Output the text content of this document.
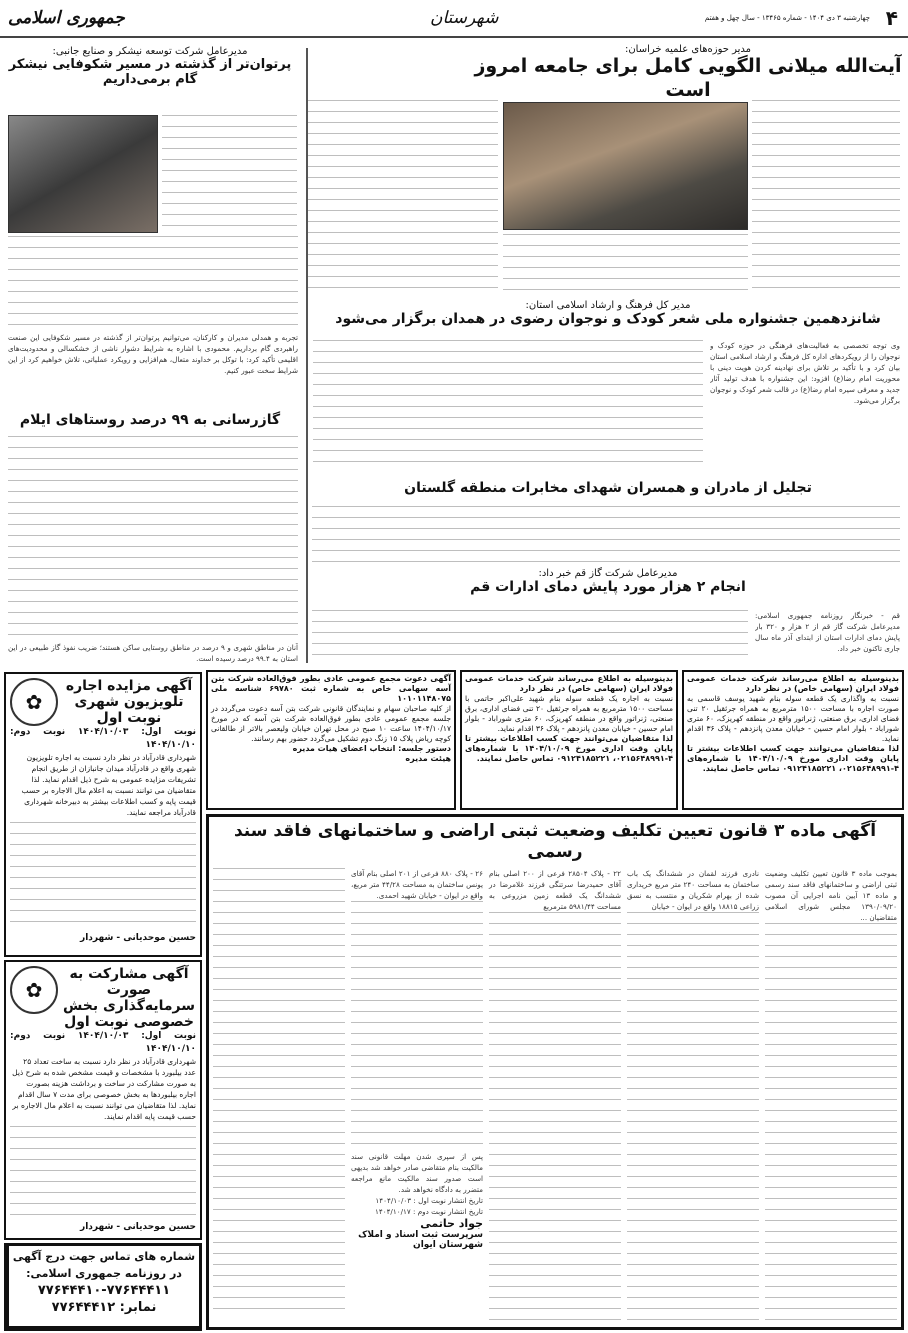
۴
چهارشنبه ۳ دی ۱۴۰۴ - شماره ۱۳۴۶۵ - سال چهل و هفتم
شهرستان
جمهوری اسلامی
مدیر حوزه‌های علمیه خراسان:
آیت‌الله میلانی الگویی کامل برای جامعه امروز است
مدیر کل فرهنگ و ارشاد اسلامی استان:
شانزدهمین جشنواره ملی شعر کودک و نوجوان رضوی در همدان برگزار می‌شود
وی توجه تخصصی به فعالیت‌های فرهنگی در حوزه کودک و نوجوان را از رویکردهای اداره کل فرهنگ و ارشاد اسلامی استان بیان کرد و با تأکید بر تلاش برای نهادینه کردن هویت دینی با محوریت امام رضا(ع) افزود: این جشنواره با هدف تولید آثار جدید و معرفی سیره امام رضا(ع) در قالب شعر کودک و نوجوان برگزار می‌شود.
تجلیل از مادران و همسران شهدای مخابرات منطقه گلستان
مدیرعامل شرکت گاز قم خبر داد:
انجام ۲ هزار مورد پایش دمای ادارات قم
قم - خبرنگار روزنامه جمهوری اسلامی: مدیرعامل شرکت گاز قم از ۲ هزار و ۳۲۰ بار پایش دمای ادارات استان از ابتدای آذر ماه سال جاری تاکنون خبر داد.
مدیرعامل شرکت توسعه نیشکر و صنایع جانبی:
پرتوان‌تر از گذشته در مسیر شکوفایی نیشکر گام برمی‌داریم
تجربه و همدلی مدیران و کارکنان، می‌توانیم پرتوان‌تر از گذشته در مسیر شکوفایی این صنعت راهبردی گام برداریم. محمودی با اشاره به شرایط دشوار ناشی از خشکسالی و محدودیت‌های اقلیمی تأکید کرد: با توکل بر خداوند متعال، هم‌افزایی و رویکرد عملیاتی، تلاش خواهیم کرد از این شرایط سخت عبور کنیم.
گازرسانی به ۹۹ درصد روستاهای ایلام
آنان در مناطق شهری و ۹ درصد در مناطق روستایی ساکن هستند؛ ضریب نفوذ گاز طبیعی در این استان به ۹۹.۴ درصد رسیده است.
بدینوسیله به اطلاع می‌رساند شرکت خدمات عمومی فولاد ایران (سهامی خاص) در نظر دارد
نسبت به واگذاری یک قطعه سوله بنام شهید یوسف قاسمی به صورت اجاره با مساحت ۱۵۰۰ مترمربع به همراه جرثقیل ۲۰ تنی فضای اداری، برق صنعتی، ژنراتور واقع در منطقه کهریزک، ۶۰ متری شوراباد - بلوار امام حسین - خیابان معدن پانزدهم - پلاک ۳۶ اقدام نماید.
لذا متقاضیان می‌توانند جهت کسب اطلاعات بیشتر تا پایان وقت اداری مورخ ۱۴۰۴/۱۰/۰۹ با شماره‌های ۴-۰۲۱۵۶۴۸۹۹۱، ۰۹۱۲۴۱۸۵۲۲۱ تماس حاصل نمایند.
بدینوسیله به اطلاع می‌رساند شرکت خدمات عمومی فولاد ایران (سهامی خاص) در نظر دارد
نسبت به اجاره یک قطعه سوله بنام شهید علی‌اکبر حاتمی با مساحت ۱۵۰۰ مترمربع به همراه جرثقیل ۲۰ تنی فضای اداری، برق صنعتی، ژنراتور واقع در منطقه کهریزک، ۶۰ متری شوراباد - بلوار امام حسین - خیابان معدن پانزدهم - پلاک ۳۶ اقدام نماید.
لذا متقاضیان می‌توانند جهت کسب اطلاعات بیشتر تا پایان وقت اداری مورخ ۱۴۰۴/۱۰/۰۹ با شماره‌های ۴-۰۲۱۵۶۴۸۹۹۱، ۰۹۱۲۴۱۸۵۲۲۱ تماس حاصل نمایند.
آگهی دعوت مجمع عمومی عادی بطور فوق‌العاده شرکت بتن آسه سهامی خاص به شماره ثبت ۶۹۷۸۰ شناسه ملی ۱۰۱۰۱۱۴۸۰۷۵
از کلیه صاحبان سهام و نمایندگان قانونی شرکت بتن آسه دعوت می‌گردد در جلسه مجمع عمومی عادی بطور فوق‌العاده شرکت بتن آسه که در مورخ ۱۴۰۴/۱۰/۱۷ ساعت ۱۰ صبح در محل تهران خیابان ولیعصر بالاتر از طالقانی کوچه ریاض پلاک ۱۵ زنگ دوم تشکیل می‌گردد حضور بهم رسانند.
دستور جلسه: انتخاب اعضای هیات مدیره
هیئت مدیره
آگهی مزایده اجاره تلویزیون شهری نوبت اول
✿
نوبت اول: ۱۴۰۴/۱۰/۰۳ نوبت دوم: ۱۴۰۴/۱۰/۱۰
شهرداری قادرآباد در نظر دارد نسبت به اجاره تلویزیون شهری واقع در قادرآباد میدان جانبازان از طریق انجام تشریفات مزایده عمومی به شرح ذیل اقدام نماید. لذا متقاضیان می توانند نسبت به اعلام مال الاجاره بر حسب قیمت پایه و کسب اطلاعات بیشتر به دبیرخانه شهرداری قادرآباد مراجعه نمایند.
حسین موحدیانی - شهردار
آگهی مشارکت به صورت سرمایه‌گذاری بخش خصوصی نوبت اول
✿
نوبت اول: ۱۴۰۴/۱۰/۰۳ نوبت دوم: ۱۴۰۴/۱۰/۱۰
شهرداری قادرآباد در نظر دارد نسبت به ساخت تعداد ۲۵ عدد بیلبورد با مشخصات و قیمت مشخص شده به شرح ذیل به صورت مشارکت در ساخت و برداشت هزینه بصورت اجاره بیلبوردها به بخش خصوصی برای مدت ۷ سال اقدام نماید. لذا متقاضیان می توانند نسبت به اعلام مال الاجاره بر حسب قیمت پایه اقدام نمایند.
حسین موحدیانی - شهردار
شماره های تماس جهت درج آگهی
در روزنامه جمهوری اسلامی:
۷۷۶۴۴۴۱۰-۷۷۶۴۴۴۱۱
نمابر: ۷۷۶۴۴۴۱۲
آگهی ماده ۳ قانون تعیین تکلیف وضعیت ثبتی اراضی و ساختمانهای فاقد سند رسمی
بموجب ماده ۳ قانون تعیین تکلیف وضعیت ثبتی اراضی و ساختمانهای فاقد سند رسمی و ماده ۱۳ آیین نامه اجرایی آن مصوب ۱۳۹۰/۰۹/۲۰ مجلس شورای اسلامی متقاضیان ...
نادری فرزند لقمان در ششدانگ یک باب ساختمان به مساحت ۲۴۰ متر مربع خریداری شده از بهرام شکریان و منتسب به نسق زراعی ۱۸۸۱۵ واقع در ایوان - خیابان
۲۲ - پلاک ۲۸۵۰۴ فرعی از ۲۰۰ اصلی بنام آقای حمیدرضا سرتنگی فرزند غلامرضا در ششدانگ یک قطعه زمین مزروعی به مساحت ۵۹۸۱/۴۴ مترمربع
۲۶ - پلاک ۸۸۰ فرعی از ۲۰۱ اصلی بنام آقای یونس ساختمان به مساحت ۴۴/۲۸ متر مربع، واقع در ایوان - خیابان شهید احمدی.
پس از سپری شدن مهلت قانونی سند مالکیت بنام متقاضی صادر خواهد شد بدیهی است صدور سند مالکیت مانع مراجعه متضرر به دادگاه نخواهد شد.
تاریخ انتشار نوبت اول : ۱۴۰۴/۱۰/۰۳
تاریخ انتشار نوبت دوم : ۱۴۰۴/۱۰/۱۷
جواد حاتمی
سرپرست ثبت اسناد و املاک شهرستان ایوان
